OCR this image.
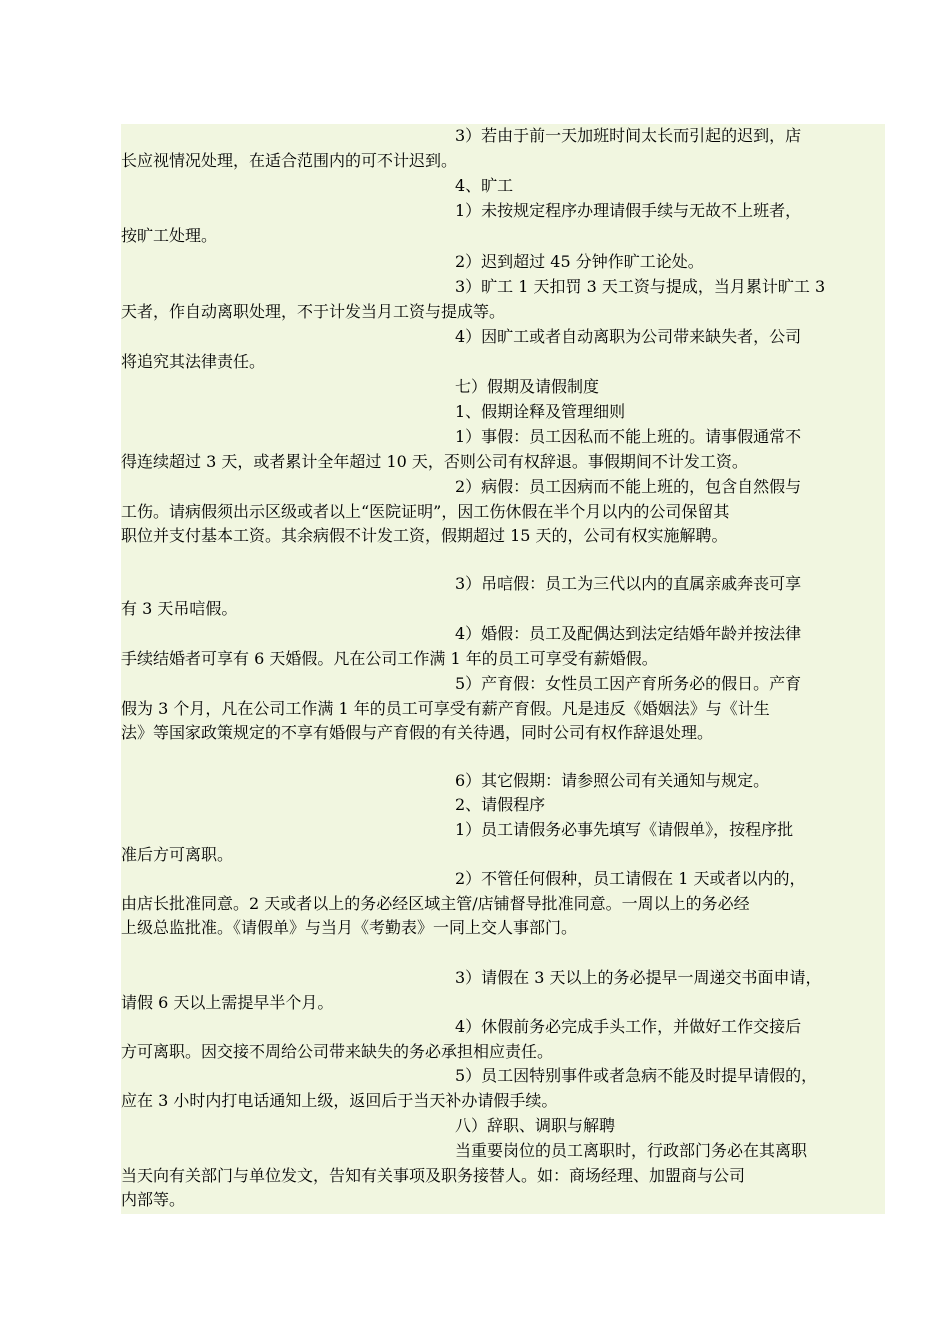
3）若由于前一天加班时间太长而引起的迟到，店
长应视情况处理，在适合范围内的可不计迟到。
4、旷工
1）未按规定程序办理请假手续与无故不上班者，
按旷工处理。
2）迟到超过 45 分钟作旷工论处。
3）旷工 1 天扣罚 3 天工资与提成，当月累计旷工 3
天者，作自动离职处理，不于计发当月工资与提成等。
4）因旷工或者自动离职为公司带来缺失者，公司
将追究其法律责任。
七）假期及请假制度
1、假期诠释及管理细则
1）事假：员工因私而不能上班的。请事假通常不
得连续超过 3 天，或者累计全年超过 10 天，否则公司有权辞退。事假期间不计发工资。
2）病假：员工因病而不能上班的，包含自然假与
工伤。请病假须出示区级或者以上“医院证明”，因工伤休假在半个月以内的公司保留其
职位并支付基本工资。其余病假不计发工资，假期超过 15 天的，公司有权实施解聘。
3）吊唁假：员工为三代以内的直属亲戚奔丧可享
有 3 天吊唁假。
4）婚假：员工及配偶达到法定结婚年龄并按法律
手续结婚者可享有 6 天婚假。凡在公司工作满 1 年的员工可享受有薪婚假。
5）产育假：女性员工因产育所务必的假日。产育
假为 3 个月，凡在公司工作满 1 年的员工可享受有薪产育假。凡是违反《婚姻法》与《计生
法》等国家政策规定的不享有婚假与产育假的有关待遇，同时公司有权作辞退处理。
6）其它假期：请参照公司有关通知与规定。
2、请假程序
1）员工请假务必事先填写《请假单》，按程序批
准后方可离职。
2）不管任何假种，员工请假在 1 天或者以内的，
由店长批准同意。2 天或者以上的务必经区域主管/店铺督导批准同意。一周以上的务必经
上级总监批准。《请假单》与当月《考勤表》一同上交人事部门。
3）请假在 3 天以上的务必提早一周递交书面申请，
请假 6 天以上需提早半个月。
4）休假前务必完成手头工作，并做好工作交接后
方可离职。因交接不周给公司带来缺失的务必承担相应责任。
5）员工因特别事件或者急病不能及时提早请假的，
应在 3 小时内打电话通知上级，返回后于当天补办请假手续。
八）辞职、调职与解聘
当重要岗位的员工离职时，行政部门务必在其离职
当天向有关部门与单位发文，告知有关事项及职务接替人。如：商场经理、加盟商与公司
内部等。
